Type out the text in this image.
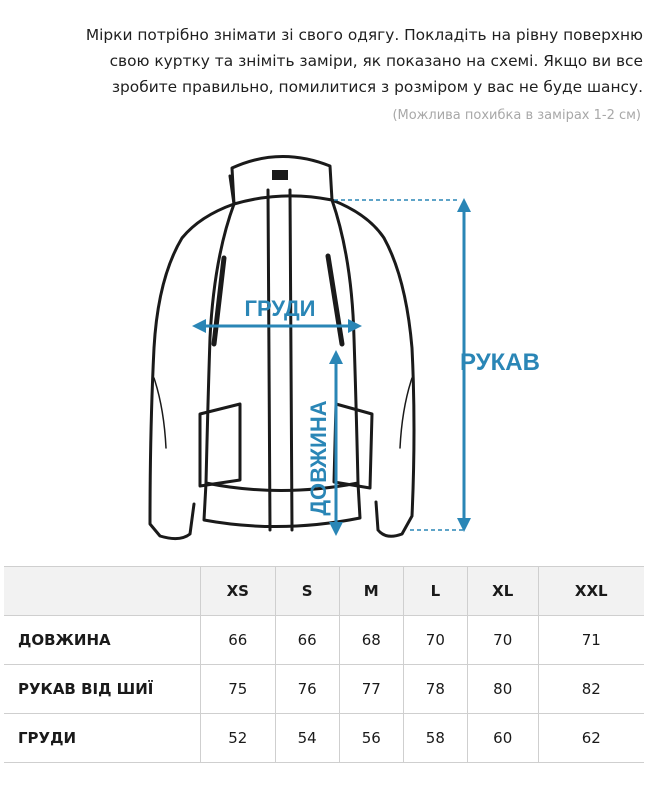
Мірки потрібно знімати зі свого одягу. Покладіть на рівну поверхню
свою куртку та зніміть заміри, як показано на схемі. Якщо ви все
зробите правильно, помилитися з розміром у вас не буде шансу.
(Можлива похибка в замірах 1-2 см)
ГРУДИ
ДОВЖИНА
РУКАВ
	XS	S	M	L	XL	XXL
ДОВЖИНА	66	66	68	70	70	71
РУКАВ ВІД ШИЇ	75	76	77	78	80	82
ГРУДИ	52	54	56	58	60	62
